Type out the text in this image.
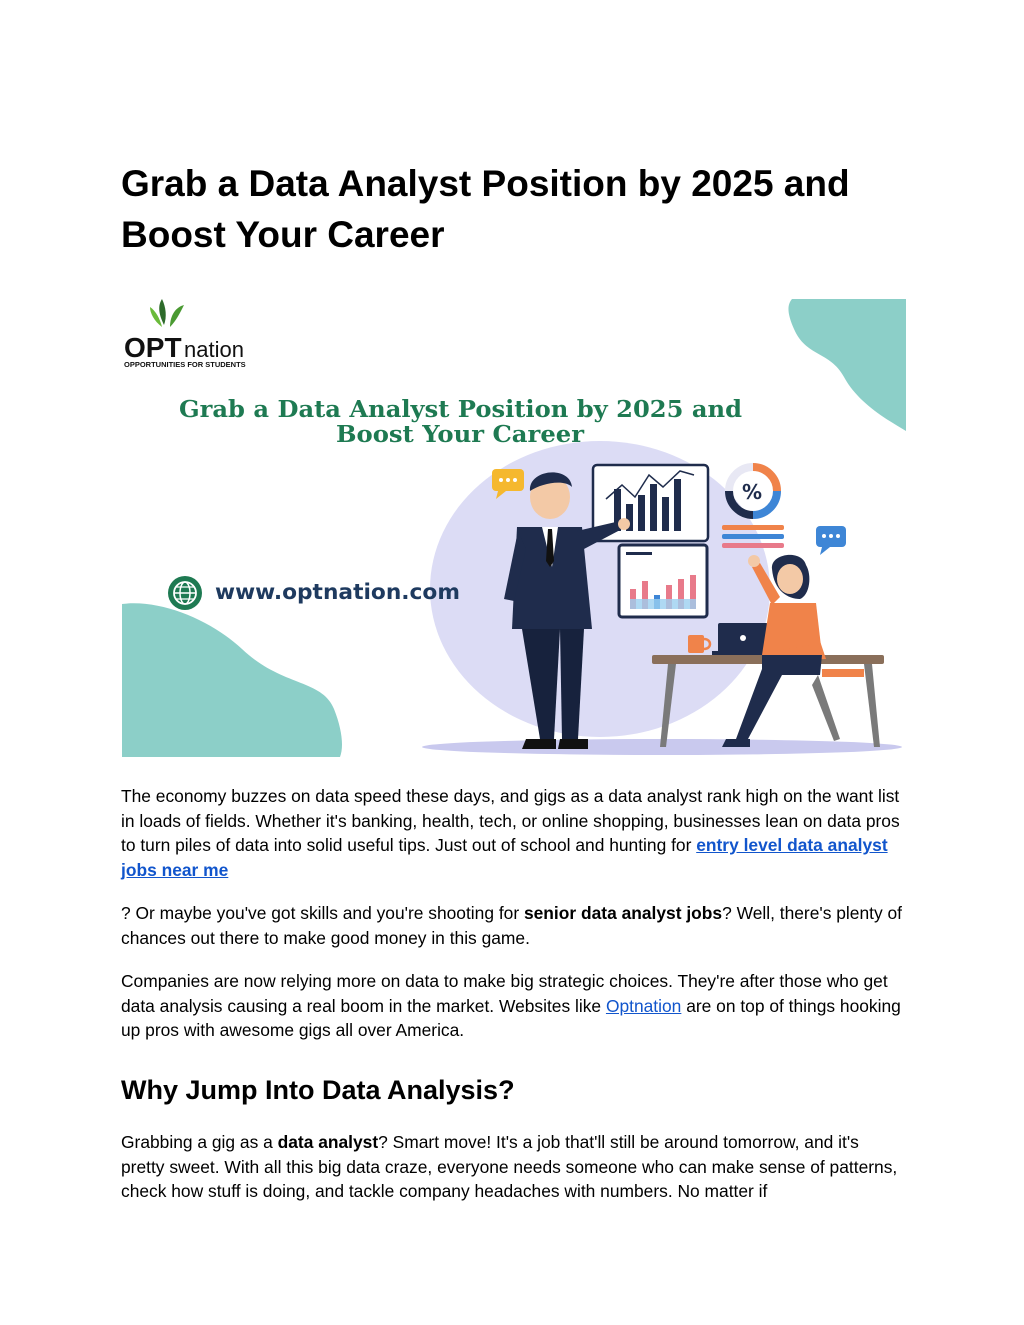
Grab a Data Analyst Position by 2025 and Boost Your Career
OPT nation
OPPORTUNITIES FOR STUDENTS
Grab a Data Analyst Position by 2025 and
Boost Your Career
www.optnation.com
%

The economy buzzes on data speed these days, and gigs as a data analyst rank high on the want list in loads of fields. Whether it's banking, health, tech, or online shopping, businesses lean on data pros to turn piles of data into solid useful tips. Just out of school and hunting for entry level data analyst jobs near me

? Or maybe you've got skills and you're shooting for senior data analyst jobs? Well, there's plenty of chances out there to make good money in this game.

Companies are now relying more on data to make big strategic choices. They're after those who get data analysis causing a real boom in the market. Websites like Optnation are on top of things hooking up pros with awesome gigs all over America.

Why Jump Into Data Analysis?

Grabbing a gig as a data analyst? Smart move! It's a job that'll still be around tomorrow, and it's pretty sweet. With all this big data craze, everyone needs someone who can make sense of patterns, check how stuff is doing, and tackle company headaches with numbers. No matter if
